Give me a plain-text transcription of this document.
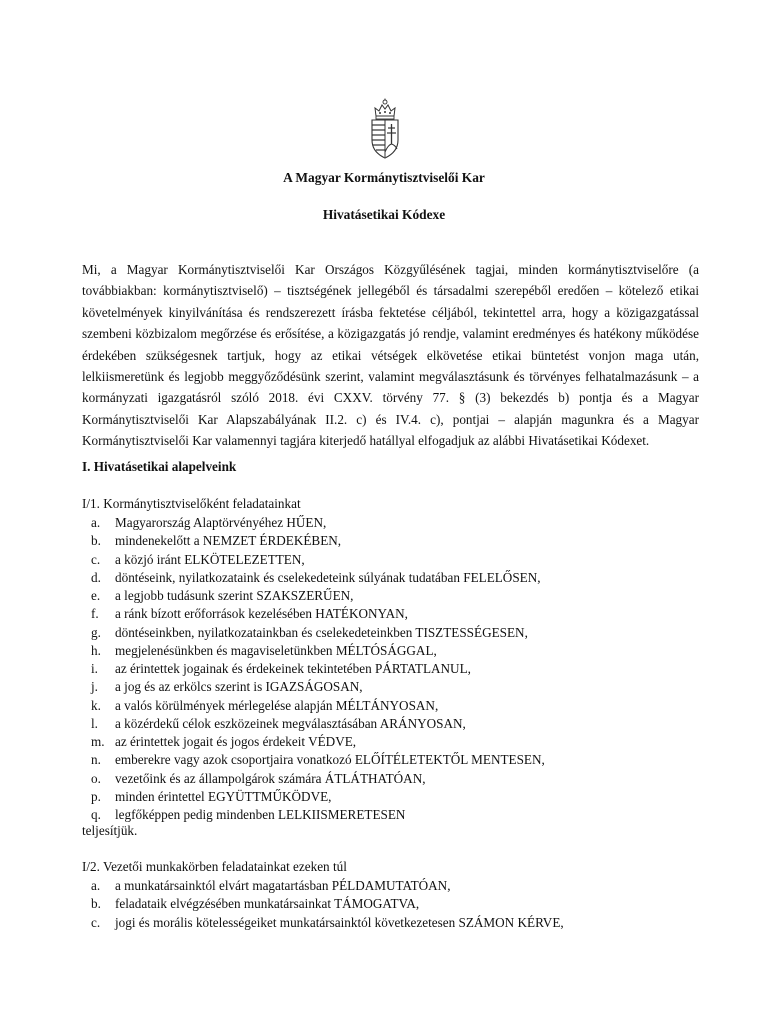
A Magyar Kormánytisztviselői Kar
Hivatásetikai Kódexe

Mi, a Magyar Kormánytisztviselői Kar Országos Közgyűlésének tagjai, minden kormánytisztviselőre (a továbbiakban: kormánytisztviselő) – tisztségének jellegéből és társadalmi szerepéből eredően – kötelező etikai követelmények kinyilvánítása és rendszerezett írásba fektetése céljából, tekintettel arra, hogy a közigazgatással szembeni közbizalom megőrzése és erősítése, a közigazgatás jó rendje, valamint eredményes és hatékony működése érdekében szükségesnek tartjuk, hogy az etikai vétségek elkövetése etikai büntetést vonjon maga után, lelkiismeretünk és legjobb meggyőződésünk szerint, valamint megválasztásunk és törvényes felhatalmazásunk – a kormányzati igazgatásról szóló 2018. évi CXXV. törvény 77. § (3) bekezdés b) pontja és a Magyar Kormánytisztviselői Kar Alapszabályának II.2. c) és IV.4. c), pontjai – alapján magunkra és a Magyar Kormánytisztviselői Kar valamennyi tagjára kiterjedő hatállyal elfogadjuk az alábbi Hivatásetikai Kódexet.

I. Hivatásetikai alapelveink

I/1. Kormánytisztviselőként feladatainkat

a.	Magyarország Alaptörvényéhez HŰEN,
b.	mindenekelőtt a NEMZET ÉRDEKÉBEN,
c.	a közjó iránt ELKÖTELEZETTEN,
d.	döntéseink, nyilatkozataink és cselekedeteink súlyának tudatában FELELŐSEN,
e.	a legjobb tudásunk szerint SZAKSZERŰEN,
f.	a ránk bízott erőforrások kezelésében HATÉKONYAN,
g.	döntéseinkben, nyilatkozatainkban és cselekedeteinkben TISZTESSÉGESEN,
h.	megjelenésünkben és magaviseletünkben MÉLTÓSÁGGAL,
i.	az érintettek jogainak és érdekeinek tekintetében PÁRTATLANUL,
j.	a jog és az erkölcs szerint is IGAZSÁGOSAN,
k.	a valós körülmények mérlegelése alapján MÉLTÁNYOSAN,
l.	a közérdekű célok eszközeinek megválasztásában ARÁNYOSAN,
m. az érintettek jogait és jogos érdekeit VÉDVE,
n.	emberekre vagy azok csoportjaira vonatkozó ELŐÍTÉLETEKTŐL MENTESEN,
o.	vezetőink és az állampolgárok számára ÁTLÁTHATÓAN,
p.	minden érintettel EGYÜTTMŰKÖDVE,
q.	legfőképpen pedig mindenben LELKIISMERETESEN

teljesítjük.

I/2. Vezetői munkakörben feladatainkat ezeken túl

a.	a munkatársainktól elvárt magatartásban PÉLDAMUTATÓAN,
b.	feladataik elvégzésében munkatársainkat TÁMOGATVA,
c.	jogi és morális kötelességeiket munkatársainktól következetesen SZÁMON KÉRVE,
